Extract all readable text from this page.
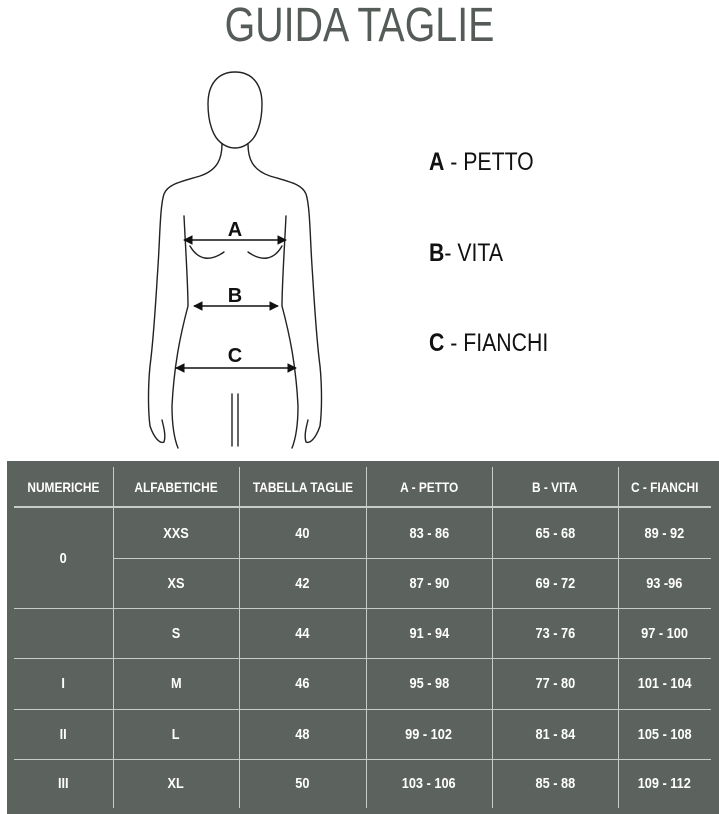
GUIDA TAGLIE
A
B
C
A - PETTO
B- VITA
C - FIANCHI
NUMERICHE	ALFABETICHE	TABELLA TAGLIE	A - PETTO	B - VITA	C - FIANCHI
0	XXS	40	83 - 86	65 - 68	89 - 92
	XS	42	87 - 90	69 - 72	93 -96
	S	44	91 - 94	73 - 76	97 - 100
I	M	46	95 - 98	77 - 80	101 - 104
II	L	48	99 - 102	81 - 84	105 - 108
III	XL	50	103 - 106	85 - 88	109 - 112
